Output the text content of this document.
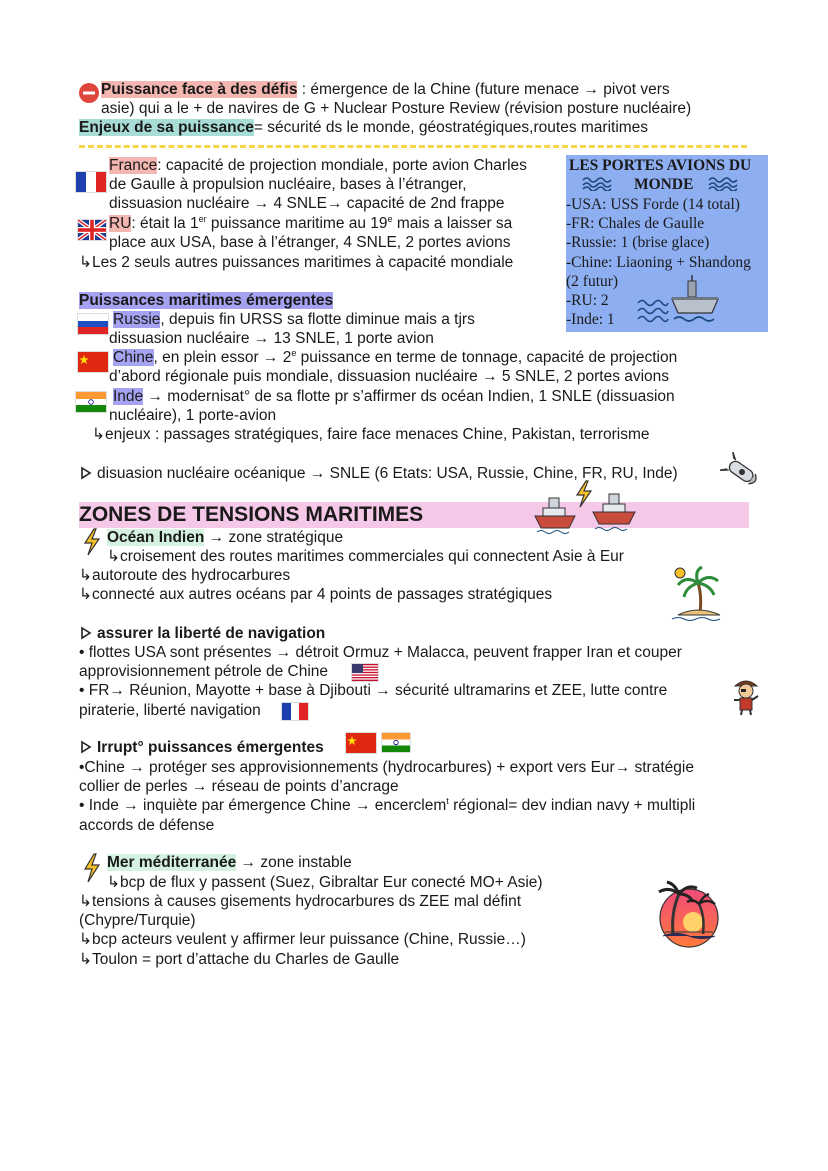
Puissance face à des défis : émergence de la Chine (future menace → pivot vers
asie) qui a le + de navires de G + Nuclear Posture Review (révision posture nucléaire)
Enjeux de sa puissance= sécurité ds le monde, géostratégiques,routes maritimes
France: capacité de projection mondiale, porte avion Charles
de Gaulle à propulsion nucléaire, bases à l’étranger,
dissuasion nucléaire → 4 SNLE→ capacité de 2nd frappe
RU: était la 1er puissance maritime au 19e mais a laisser sa
place aux USA, base à l’étranger, 4 SNLE, 2 portes avions
↳Les 2 seuls autres puissances maritimes à capacité mondiale
LES PORTES AVIONS DU
MONDE
-USA: USS Forde (14 total)
-FR: Chales de Gaulle
-Russie: 1 (brise glace)
-Chine: Liaoning + Shandong
(2 futur)
-RU: 2
-Inde: 1
Puissances maritimes émergentes
Russie, depuis fin URSS sa flotte diminue mais a tjrs
dissuasion nucléaire → 13 SNLE, 1 porte avion
Chine, en plein essor → $2^e$ puissance en terme de tonnage, capacité de projection
d’abord régionale puis mondiale, dissuasion nucléaire → 5 SNLE, 2 portes avions
Inde → modernisat° de sa flotte pr s’affirmer ds océan Indien, 1 SNLE (dissuasion
nucléaire), 1 porte-avion
↳enjeux : passages stratégiques, faire face menaces Chine, Pakistan, terrorisme
disuasion nucléaire océanique → SNLE (6 Etats: USA, Russie, Chine, FR, RU, Inde)
ZONES DE TENSIONS MARITIMES
Océan Indien → zone stratégique
↳croisement des routes maritimes commerciales qui connectent Asie à Eur
↳autoroute des hydrocarbures
↳connecté aux autres océans par 4 points de passages stratégiques
assurer la liberté de navigation
• flottes USA sont présentes → détroit Ormuz + Malacca, peuvent frapper Iran et couper
approvisionnement pétrole de Chine
• FR→ Réunion, Mayotte + base à Djibouti → sécurité ultramarins et ZEE, lutte contre
piraterie, liberté navigation
Irrupt° puissances émergentes
•Chine → protéger ses approvisionnements (hydrocarbures) + export vers Eur→ stratégie
collier de perles → réseau de points d’ancrage
• Inde → inquiète par émergence Chine → encerclem$^t$ régional= dev indian navy + multipli
accords de défense
Mer méditerranée → zone instable
↳bcp de flux y passent (Suez, Gibraltar Eur conecté MO+ Asie)
↳tensions à causes gisements hydrocarbures ds ZEE mal défint
(Chypre/Turquie)
↳bcp acteurs veulent y affirmer leur puissance (Chine, Russie…)
↳Toulon = port d’attache du Charles de Gaulle
